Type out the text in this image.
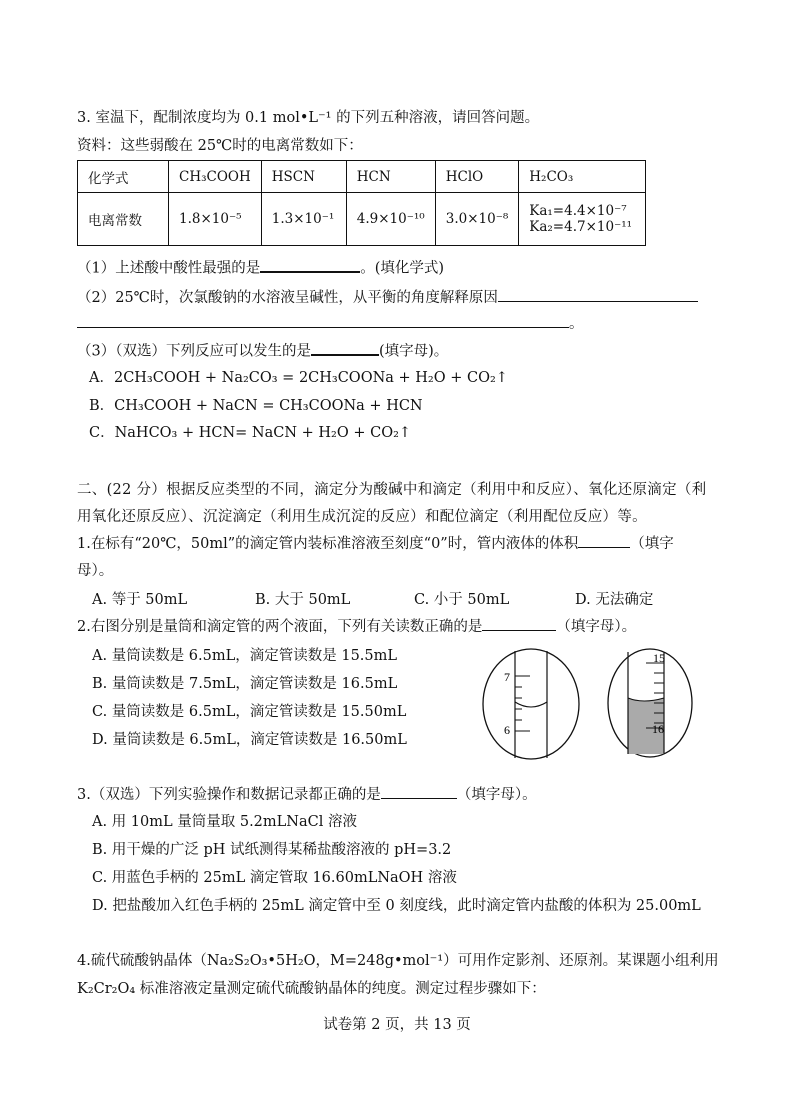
3. 室温下，配制浓度均为 0.1 mol•L⁻¹ 的下列五种溶液，请回答问题。
资料：这些弱酸在 25℃时的电离常数如下：
化学式	CH₃COOH	HSCN	HCN	HClO	H₂CO₃
电离常数	1.8×10⁻⁵	1.3×10⁻¹	4.9×10⁻¹⁰	3.0×10⁻⁸	Ka₁=4.4×10⁻⁷
Ka₂=4.7×10⁻¹¹
（1）上述酸中酸性最强的是	。(填化学式)
（2）25℃时，次氯酸钠的水溶液呈碱性，从平衡的角度解释原因
。
（3）（双选）下列反应可以发生的是	(填字母)。
A．2CH₃COOH + Na₂CO₃ = 2CH₃COONa + H₂O + CO₂↑
B．CH₃COOH + NaCN = CH₃COONa + HCN
C．NaHCO₃ + HCN= NaCN + H₂O + CO₂↑
二、(22 分）根据反应类型的不同，滴定分为酸碱中和滴定（利用中和反应）、氧化还原滴定（利
用氧化还原反应）、沉淀滴定（利用生成沉淀的反应）和配位滴定（利用配位反应）等。
1.在标有“20℃，50ml”的滴定管内装标准溶液至刻度“0”时，管内液体的体积	（填字
母）。
A. 等于 50mL	B. 大于 50mL	C. 小于 50mL	D. 无法确定
2.右图分别是量筒和滴定管的两个液面，下列有关读数正确的是	（填字母）。
A. 量筒读数是 6.5mL，滴定管读数是 15.5mL
B. 量筒读数是 7.5mL，滴定管读数是 16.5mL
C. 量筒读数是 6.5mL，滴定管读数是 15.50mL
D. 量筒读数是 6.5mL，滴定管读数是 16.50mL
7
6
15
16
3.（双选）下列实验操作和数据记录都正确的是	（填字母）。
A. 用 10mL 量筒量取 5.2mLNaCl 溶液
B. 用干燥的广泛 pH 试纸测得某稀盐酸溶液的 pH=3.2
C. 用蓝色手柄的 25mL 滴定管取 16.60mLNaOH 溶液
D. 把盐酸加入红色手柄的 25mL 滴定管中至 0 刻度线，此时滴定管内盐酸的体积为 25.00mL
4.硫代硫酸钠晶体（Na₂S₂O₃•5H₂O，M=248g•mol⁻¹）可用作定影剂、还原剂。某课题小组利用
K₂Cr₂O₄ 标准溶液定量测定硫代硫酸钠晶体的纯度。测定过程步骤如下：
试卷第 2 页，共 13 页
